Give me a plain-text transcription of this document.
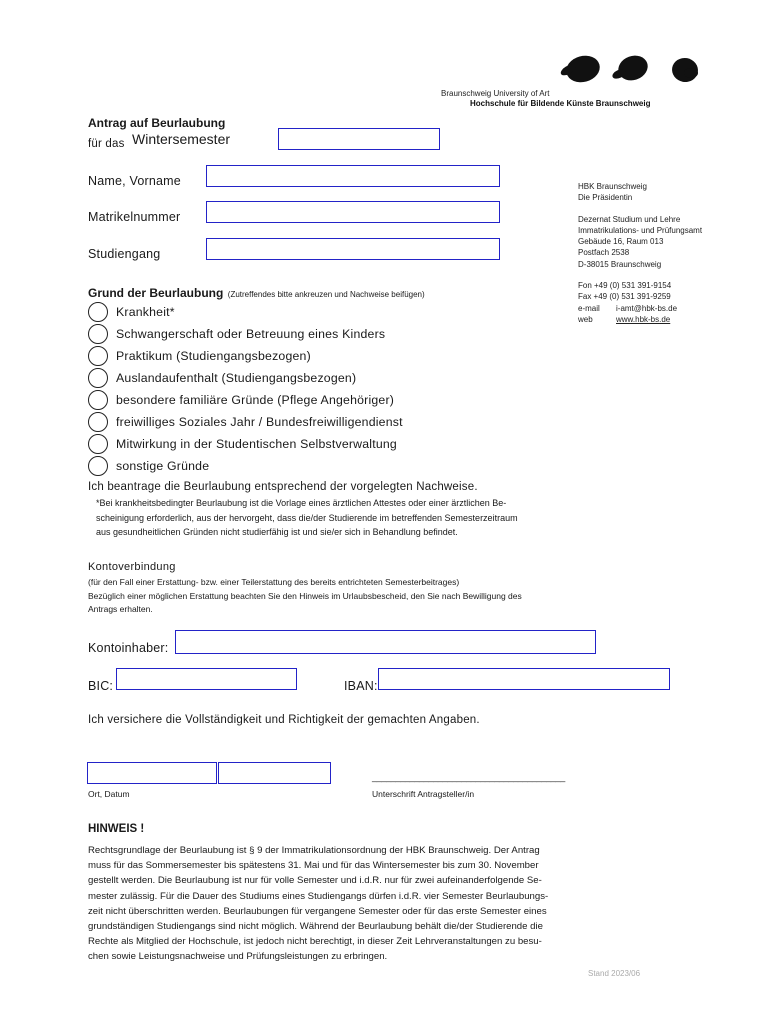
Braunschweig University of Art
Hochschule für Bildende Künste Braunschweig
Antrag auf Beurlaubung
für das Wintersemester
Name, Vorname
Matrikelnummer
Studiengang
HBK Braunschweig
Die Präsidentin
Dezernat Studium und Lehre
Immatrikulations- und Prüfungsamt
Gebäude 16, Raum 013
Postfach 2538
D-38015 Braunschweig
Fon +49 (0) 531 391-9154
Fax +49 (0) 531 391-9259
e-mail i-amt@hbk-bs.de
web	www.hbk-bs.de
Grund der Beurlaubung (Zutreffendes bitte ankreuzen und Nachweise beifügen)
Krankheit*
Schwangerschaft oder Betreuung eines Kinders
Praktikum (Studiengangsbezogen)
Auslandaufenthalt (Studiengangsbezogen)
besondere familiäre Gründe (Pflege Angehöriger)
freiwilliges Soziales Jahr / Bundesfreiwilligendienst
Mitwirkung in der Studentischen Selbstverwaltung
sonstige Gründe
Ich beantrage die Beurlaubung entsprechend der vorgelegten Nachweise.
*Bei krankheitsbedingter Beurlaubung ist die Vorlage eines ärztlichen Attestes oder einer ärztlichen Be-
scheinigung erforderlich, aus der hervorgeht, dass die/der Studierende im betreffenden Semesterzeitraum
aus gesundheitlichen Gründen nicht studierfähig ist und sie/er sich in Behandlung befindet.
Kontoverbindung
(für den Fall einer Erstattung- bzw. einer Teilerstattung des bereits entrichteten Semesterbeitrages)
Bezüglich einer möglichen Erstattung beachten Sie den Hinweis im Urlaubsbescheid, den Sie nach Bewilligung des
Antrags erhalten.
Kontoinhaber:
BIC:	IBAN:
Ich versichere die Vollständigkeit und Richtigkeit der gemachten Angaben.
_________________________________________
Ort, Datum	Unterschrift Antragsteller/in
HINWEIS !
Rechtsgrundlage der Beurlaubung ist § 9 der Immatrikulationsordnung der HBK Braunschweig. Der Antrag
muss für das Sommersemester bis spätestens 31. Mai und für das Wintersemester bis zum 30. November
gestellt werden. Die Beurlaubung ist nur für volle Semester und i.d.R. nur für zwei aufeinanderfolgende Se-
mester zulässig. Für die Dauer des Studiums eines Studiengangs dürfen i.d.R. vier Semester Beurlaubungs-
zeit nicht überschritten werden. Beurlaubungen für vergangene Semester oder für das erste Semester eines
grundständigen Studiengangs sind nicht möglich. Während der Beurlaubung behält die/der Studierende die
Rechte als Mitglied der Hochschule, ist jedoch nicht berechtigt, in dieser Zeit Lehrveranstaltungen zu besu-
chen sowie Leistungsnachweise und Prüfungsleistungen zu erbringen.
Stand 2023/06
